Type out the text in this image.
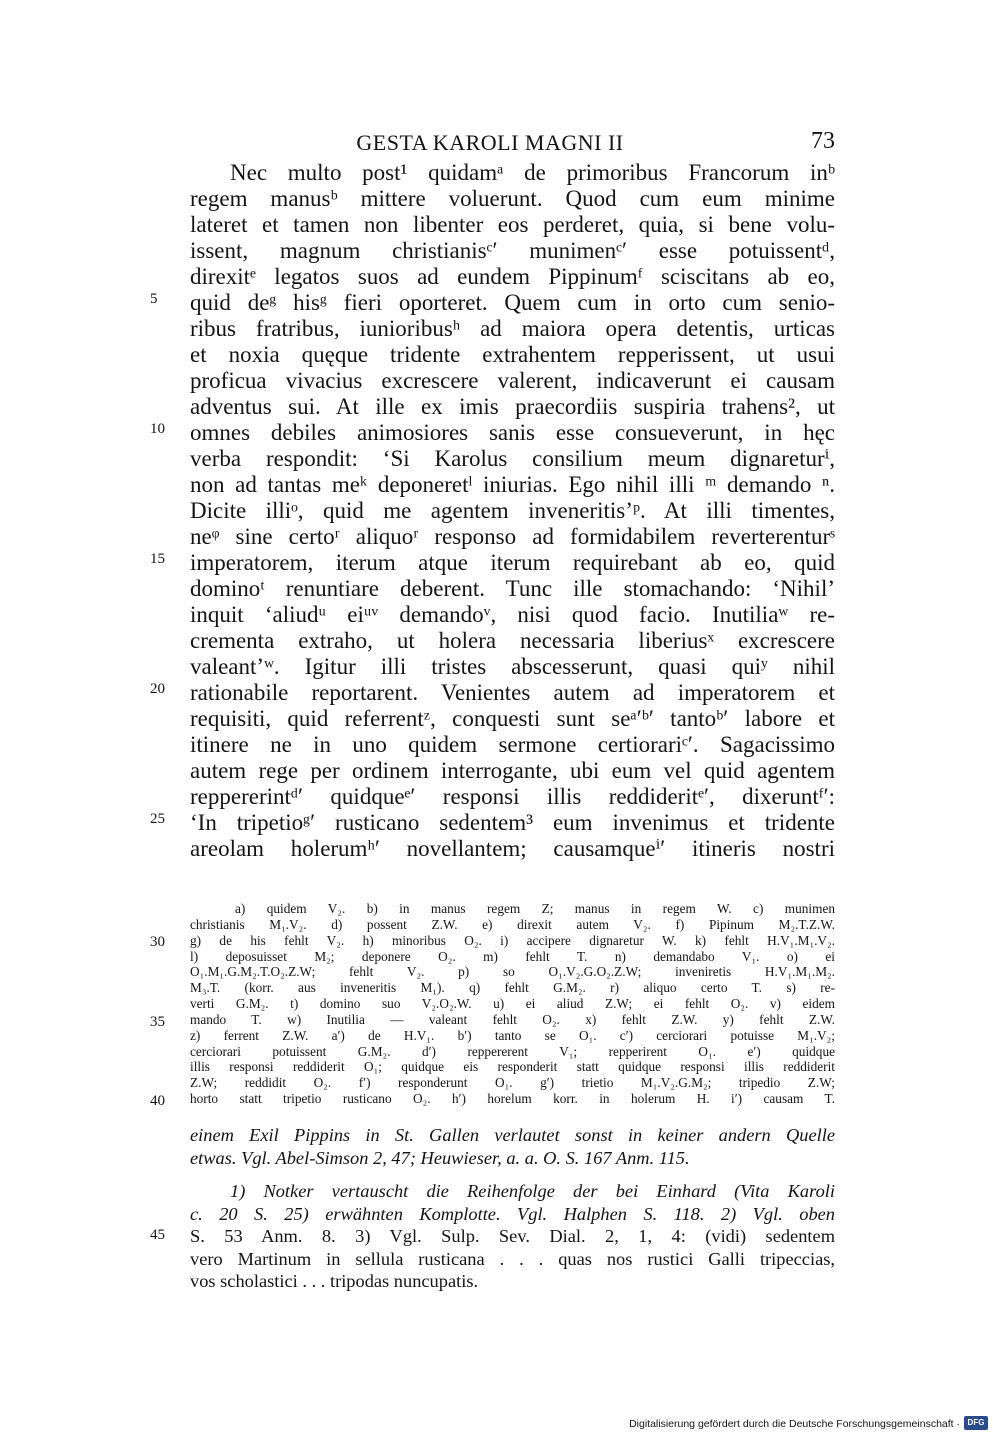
GESTA KAROLI MAGNI II	73
Nec multo post¹ quidamᵃ de primoribus Francorum inᵇ
regem manusᵇ mittere voluerunt. Quod cum eum minime
lateret et tamen non libenter eos perderet, quia, si bene volu-
issent, magnum christianisᶜ′ munimenᶜ′ esse potuissentᵈ,
direxitᵉ legatos suos ad eundem Pippinumᶠ sciscitans ab eo,
quid deᵍ hisᵍ fieri oporteret. Quem cum in orto cum senio-
ribus fratribus, iunioribusʰ ad maiora opera detentis, urticas
et noxia quęque tridente extrahentem repperissent, ut usui
proficua vivacius excrescere valerent, indicaverunt ei causam
adventus sui. At ille ex imis praecordiis suspiria trahens², ut
omnes debiles animosiores sanis esse consueverunt, in hęc
verba respondit: ‘Si Karolus consilium meum dignareturⁱ,
non ad tantas meᵏ deponeretˡ iniurias. Ego nihil illi ᵐ demando ⁿ.
Dicite illiᵒ, quid me agentem inveneritis’ᵖ. At illi timentes,
neᵠ sine certoʳ aliquoʳ responso ad formidabilem reverterenturˢ
imperatorem, iterum atque iterum requirebant ab eo, quid
dominoᵗ renuntiare deberent. Tunc ille stomachando: ‘Nihil’
inquit ‘aliudᵘ eiᵘᵛ demandoᵛ, nisi quod facio. Inutiliaʷ re-
crementa extraho, ut holera necessaria liberiusˣ excrescere
valeant’ʷ. Igitur illi tristes abscesserunt, quasi quiʸ nihil
rationabile reportarent. Venientes autem ad imperatorem et
requisiti, quid referrentᶻ, conquesti sunt seᵃ′ᵇ′ tantoᵇ′ labore et
itinere ne in uno quidem sermone certiorariᶜ′. Sagacissimo
autem rege per ordinem interrogante, ubi eum vel quid agentem
reppererintᵈ′ quidqueᵉ′ responsi illis reddideritᵉ′, dixeruntᶠ′:
‘In tripetioᵍ′ rusticano sedentem³ eum invenimus et tridente
areolam holerumʰ′ novellantem; causamqueⁱ′ itineris nostri
a) quidem V₂. b) in manus regem Z; manus in regem W. c) munimen
christianis M₁.V₂. d) possent Z.W. e) direxit autem V₂. f) Pipinum M₂.T.Z.W.
g) de his fehlt V₂. h) minoribus O₂. i) accipere dignaretur W. k) fehlt H.V₁.M₁.V₂.
l) deposuisset M₂; deponere O₂. m) fehlt T. n) demandabo V₁. o) ei
O₁.M₁.G.M₂.T.O₂.Z.W; fehlt V₂. p) so O₁.V₂.G.O₂.Z.W; inveniretis H.V₁.M₁.M₂.
M₃.T. (korr. aus inveneritis M₁). q) fehlt G.M₂. r) aliquo certo T. s) re-
verti G.M₂. t) domino suo V₂.O₂.W. u) ei aliud Z.W; ei fehlt O₂. v) eidem
mando T. w) Inutilia — valeant fehlt O₂. x) fehlt Z.W. y) fehlt Z.W.
z) ferrent Z.W. a′) de H.V₁. b′) tanto se O₁. c′) cerciorari potuisse M₁.V₂;
cerciorari potuissent G.M₂. d′) reppererent V₁; repperirent O₁. e′) quidque
illis responsi reddiderit O₁; quidque eis responderit statt quidque responsi illis reddiderit
Z.W; reddidit O₂. f′) responderunt O₁. g′) trietio M₁.V₂.G.M₂; tripedio Z.W;
horto statt tripetio rusticano O₂. h′) horelum korr. in holerum H. i′) causam T.
einem Exil Pippins in St. Gallen verlautet sonst in keiner andern Quelle
etwas. Vgl. Abel-Simson 2, 47; Heuwieser, a. a. O. S. 167 Anm. 115.
1) Notker vertauscht die Reihenfolge der bei Einhard (Vita Karoli
c. 20 S. 25) erwähnten Komplotte. Vgl. Halphen S. 118. 2) Vgl. oben
S. 53 Anm. 8. 3) Vgl. Sulp. Sev. Dial. 2, 1, 4: (vidi) sedentem
vero Martinum in sellula rusticana . . . quas nos rustici Galli tripeccias,
vos scholastici . . . tripodas nuncupatis.
5
10
15
20
25
30
35
40
45
Digitalisierung gefördert durch die Deutsche Forschungsgemeinschaft · DFG
